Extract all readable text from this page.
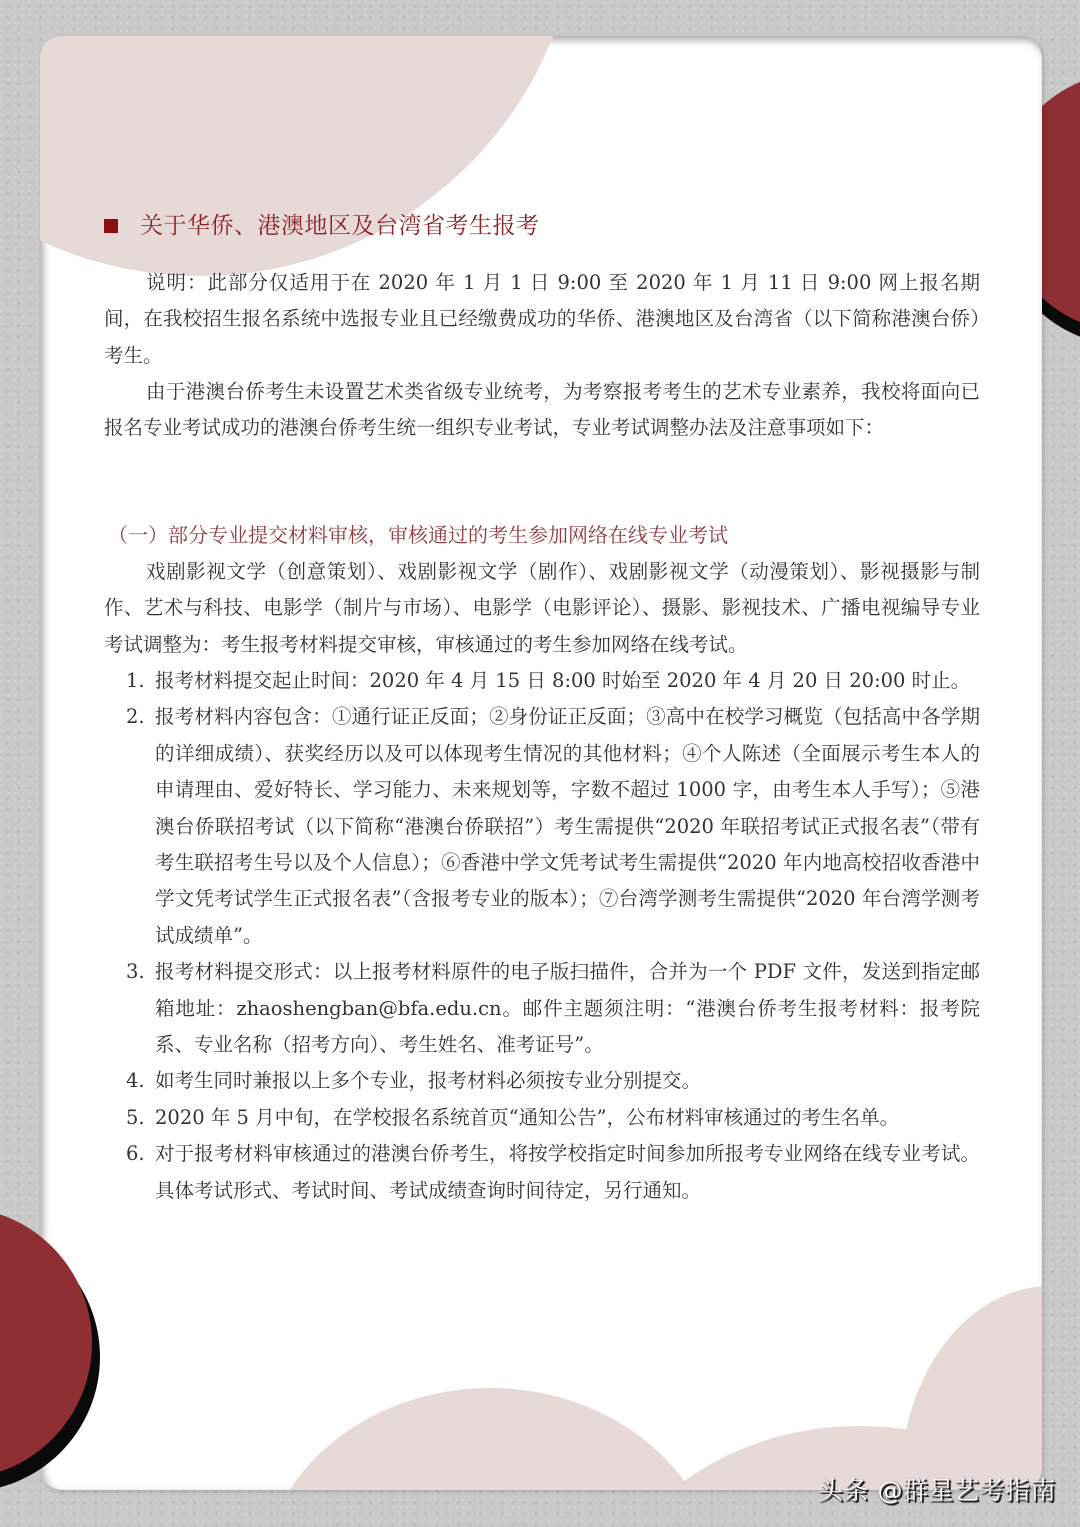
关于华侨、港澳地区及台湾省考生报考
说明：此部分仅适用于在 2020 年 1 月 1 日 9:00 至 2020 年 1 月 11 日 9:00 网上报名期间，在我校招生报名系统中选报专业且已经缴费成功的华侨、港澳地区及台湾省（以下简称港澳台侨）考生。
由于港澳台侨考生未设置艺术类省级专业统考，为考察报考考生的艺术专业素养，我校将面向已报名专业考试成功的港澳台侨考生统一组织专业考试，专业考试调整办法及注意事项如下：
（一）部分专业提交材料审核，审核通过的考生参加网络在线专业考试
戏剧影视文学（创意策划）、戏剧影视文学（剧作）、戏剧影视文学（动漫策划）、影视摄影与制作、艺术与科技、电影学（制片与市场）、电影学（电影评论）、摄影、影视技术、广播电视编导专业考试调整为：考生报考材料提交审核，审核通过的考生参加网络在线考试。
1. 报考材料提交起止时间：2020 年 4 月 15 日 8:00 时始至 2020 年 4 月 20 日 20:00 时止。
2. 报考材料内容包含：①通行证正反面；②身份证正反面；③高中在校学习概览（包括高中各学期的详细成绩）、获奖经历以及可以体现考生情况的其他材料；④个人陈述（全面展示考生本人的申请理由、爱好特长、学习能力、未来规划等，字数不超过 1000 字，由考生本人手写）；⑤港澳台侨联招考试（以下简称“港澳台侨联招”）考生需提供“2020 年联招考试正式报名表”（带有考生联招考生号以及个人信息）；⑥香港中学文凭考试考生需提供“2020 年内地高校招收香港中学文凭考试学生正式报名表”（含报考专业的版本）；⑦台湾学测考生需提供“2020 年台湾学测考试成绩单”。
3. 报考材料提交形式：以上报考材料原件的电子版扫描件，合并为一个 PDF 文件，发送到指定邮箱地址：zhaoshengban@bfa.edu.cn。邮件主题须注明：“港澳台侨考生报考材料：报考院系、专业名称（招考方向）、考生姓名、准考证号”。
4. 如考生同时兼报以上多个专业，报考材料必须按专业分别提交。
5. 2020 年 5 月中旬，在学校报名系统首页“通知公告”，公布材料审核通过的考生名单。
6. 对于报考材料审核通过的港澳台侨考生，将按学校指定时间参加所报考专业网络在线专业考试。具体考试形式、考试时间、考试成绩查询时间待定，另行通知。
头条 @群星艺考指南
